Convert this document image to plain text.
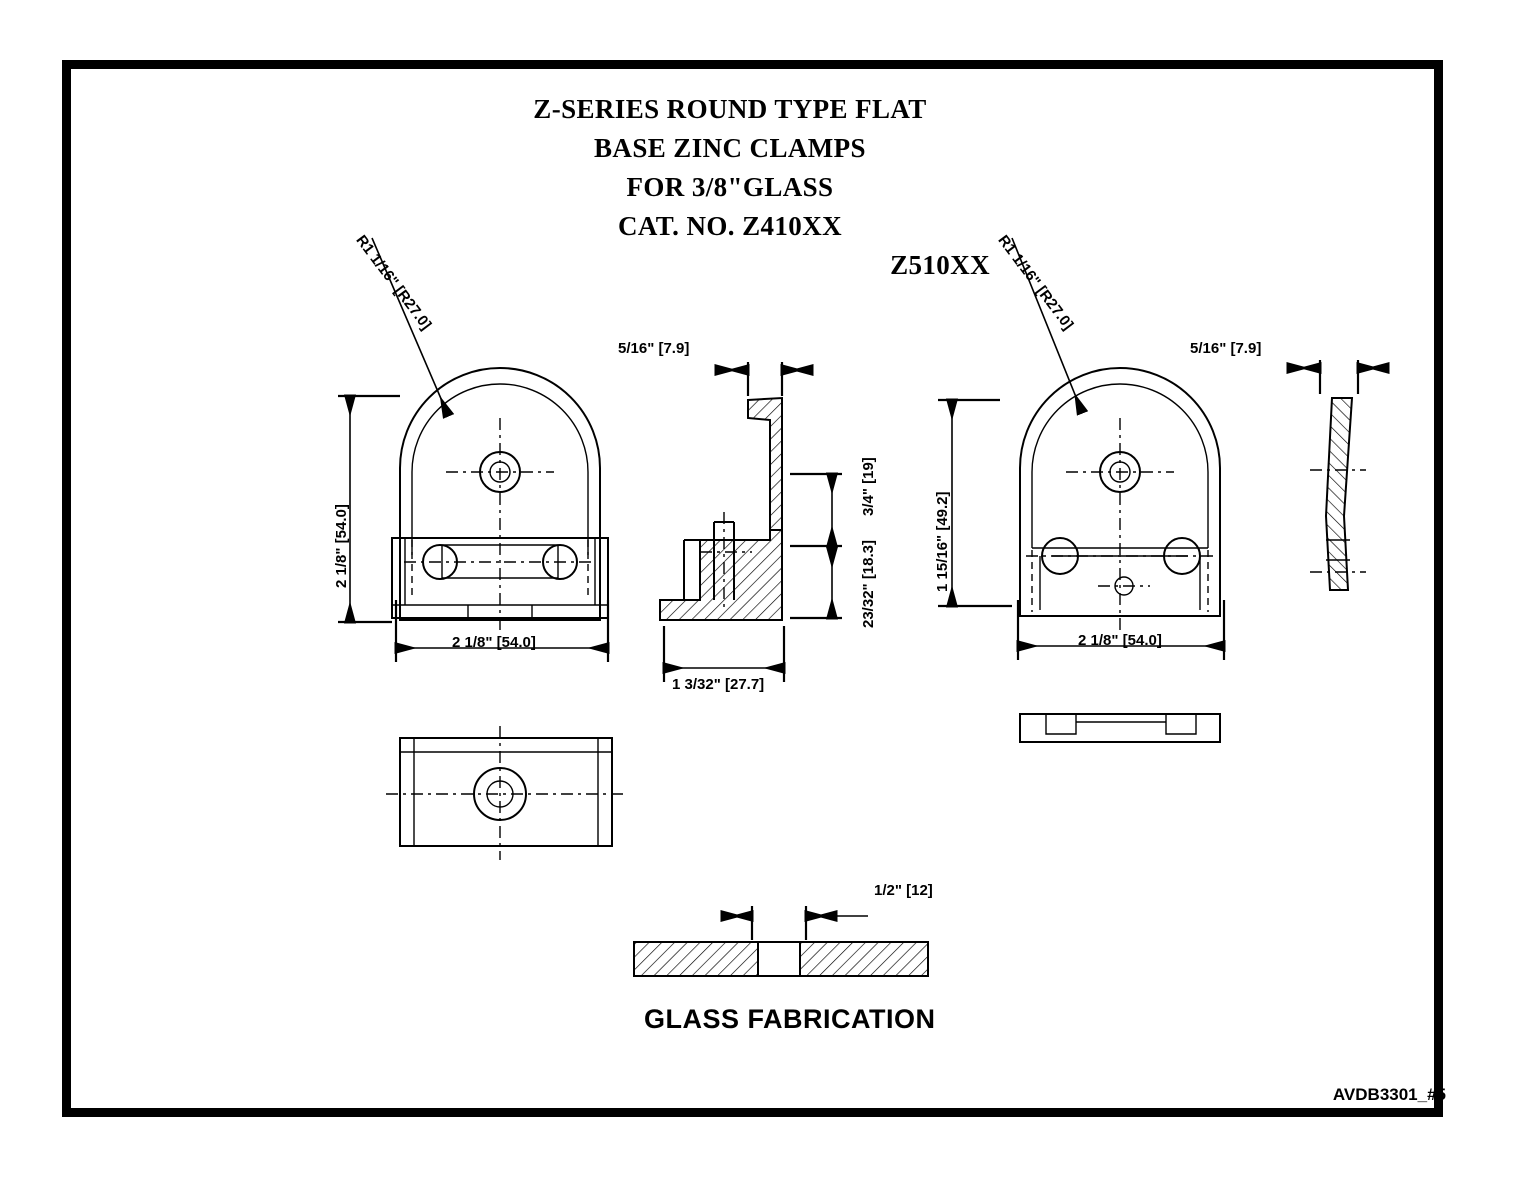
Z-SERIES ROUND TYPE FLAT
BASE ZINC CLAMPS
FOR 3/8"GLASS
CAT. NO. Z410XX
Z510XX
R1 1/16" [R27.0]
2 1/8" [54.0]
2 1/8" [54.0]
5/16" [7.9]
3/4" [19]
23/32" [18.3]
1 3/32" [27.7]
R1 1/16" [R27.0]
1 15/16" [49.2]
2 1/8" [54.0]
5/16" [7.9]
1/2" [12]
GLASS FABRICATION
AVDB3301_#5
